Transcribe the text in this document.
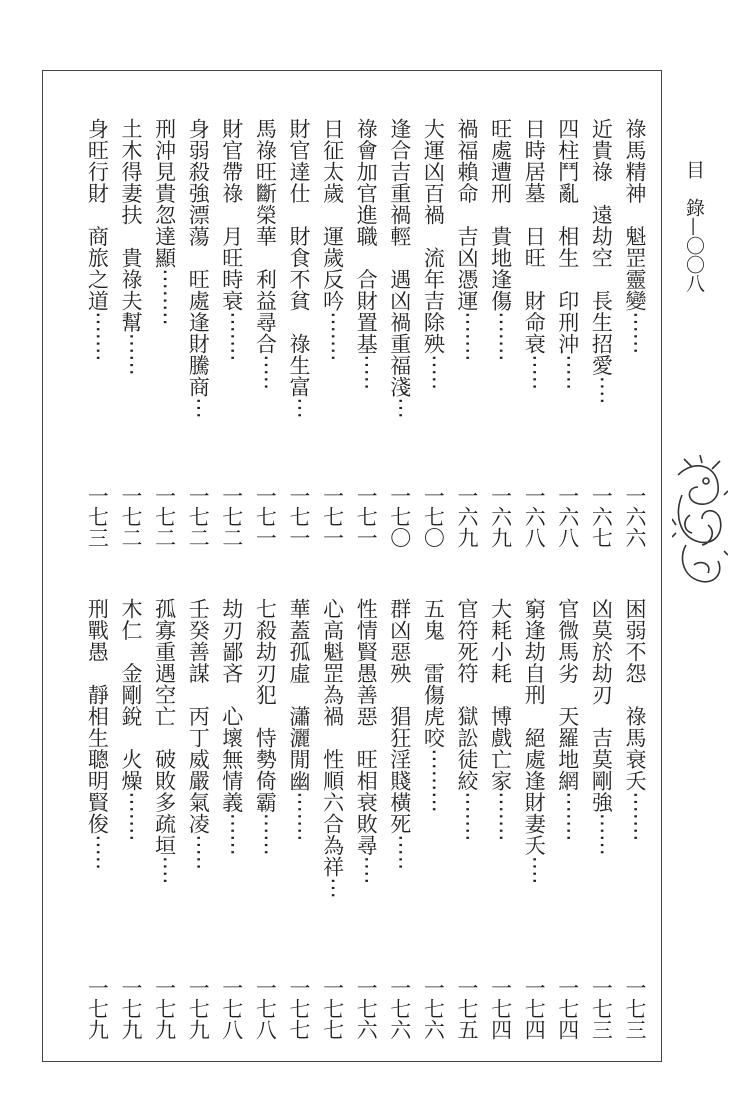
目　錄—〇〇八
祿馬精神　魁罡靈變‧‧‧‧‧‧
一六六
近貴祿　遠劫空　長生招愛‧‧‧‧
一六七
四柱鬥亂　相生　印刑沖‧‧‧‧‧
一六八
日時居墓　日旺　財命衰‧‧‧‧‧
一六八
旺處遭刑　貴地逢傷‧‧‧‧‧‧‧
一六九
禍福賴命　吉凶憑運‧‧‧‧‧‧‧
一六九
大運凶百禍　流年吉除殃‧‧‧‧‧
一七〇
逢合吉重禍輕　遇凶禍重福淺‧‧‧
一七〇
祿會加官進職　合財置基‧‧‧‧‧
一七一
日征太歲　運歲反吟‧‧‧‧‧‧‧
一七一
財官達仕　財食不貧　祿生富‧‧‧
一七一
馬祿旺斷榮華　利益尋合‧‧‧‧‧
一七一
財官帶祿　月旺時衰‧‧‧‧‧‧‧
一七二
身弱殺強漂蕩　旺處逢財騰商‧‧‧
一七二
刑沖見貴忽達顯‧‧‧‧‧‧‧‧
一七二
土木得妻扶　貴祿夫幫‧‧‧‧‧‧
一七二
身旺行財　商旅之道‧‧‧‧‧‧‧
一七三
困弱不怨　祿馬衰夭‧‧‧‧‧‧‧
一七三
凶莫於劫刃　吉莫剛強‧‧‧‧‧‧
一七三
官微馬劣　天羅地網‧‧‧‧‧‧‧
一七四
窮逢劫自刑　絕處逢財妻夭‧‧‧‧
一七四
大耗小耗　博戲亡家‧‧‧‧‧‧‧
一七四
官符死符　獄訟徒絞‧‧‧‧‧‧‧
一七五
五鬼　雷傷虎咬‧‧‧‧‧‧‧‧‧
一七六
群凶惡殃　猖狂淫賤橫死‧‧‧‧‧
一七六
性情賢愚善惡　旺相衰敗尋‧‧‧‧
一七六
心高魁罡為禍　性順六合為祥‧‧‧
一七七
華蓋孤虛　瀟灑閒幽‧‧‧‧‧‧‧
一七七
七殺劫刃犯　恃勢倚霸‧‧‧‧‧‧
一七八
劫刃鄙吝　心壞無情義‧‧‧‧‧‧
一七八
壬癸善謀　丙丁威嚴氣凌‧‧‧‧‧
一七九
孤寡重遇空亡　破敗多疏垣‧‧‧‧
一七九
木仁　金剛銳　火燥‧‧‧‧‧‧‧
一七九
刑戰愚　靜相生聰明賢俊‧‧‧‧‧
一七九
